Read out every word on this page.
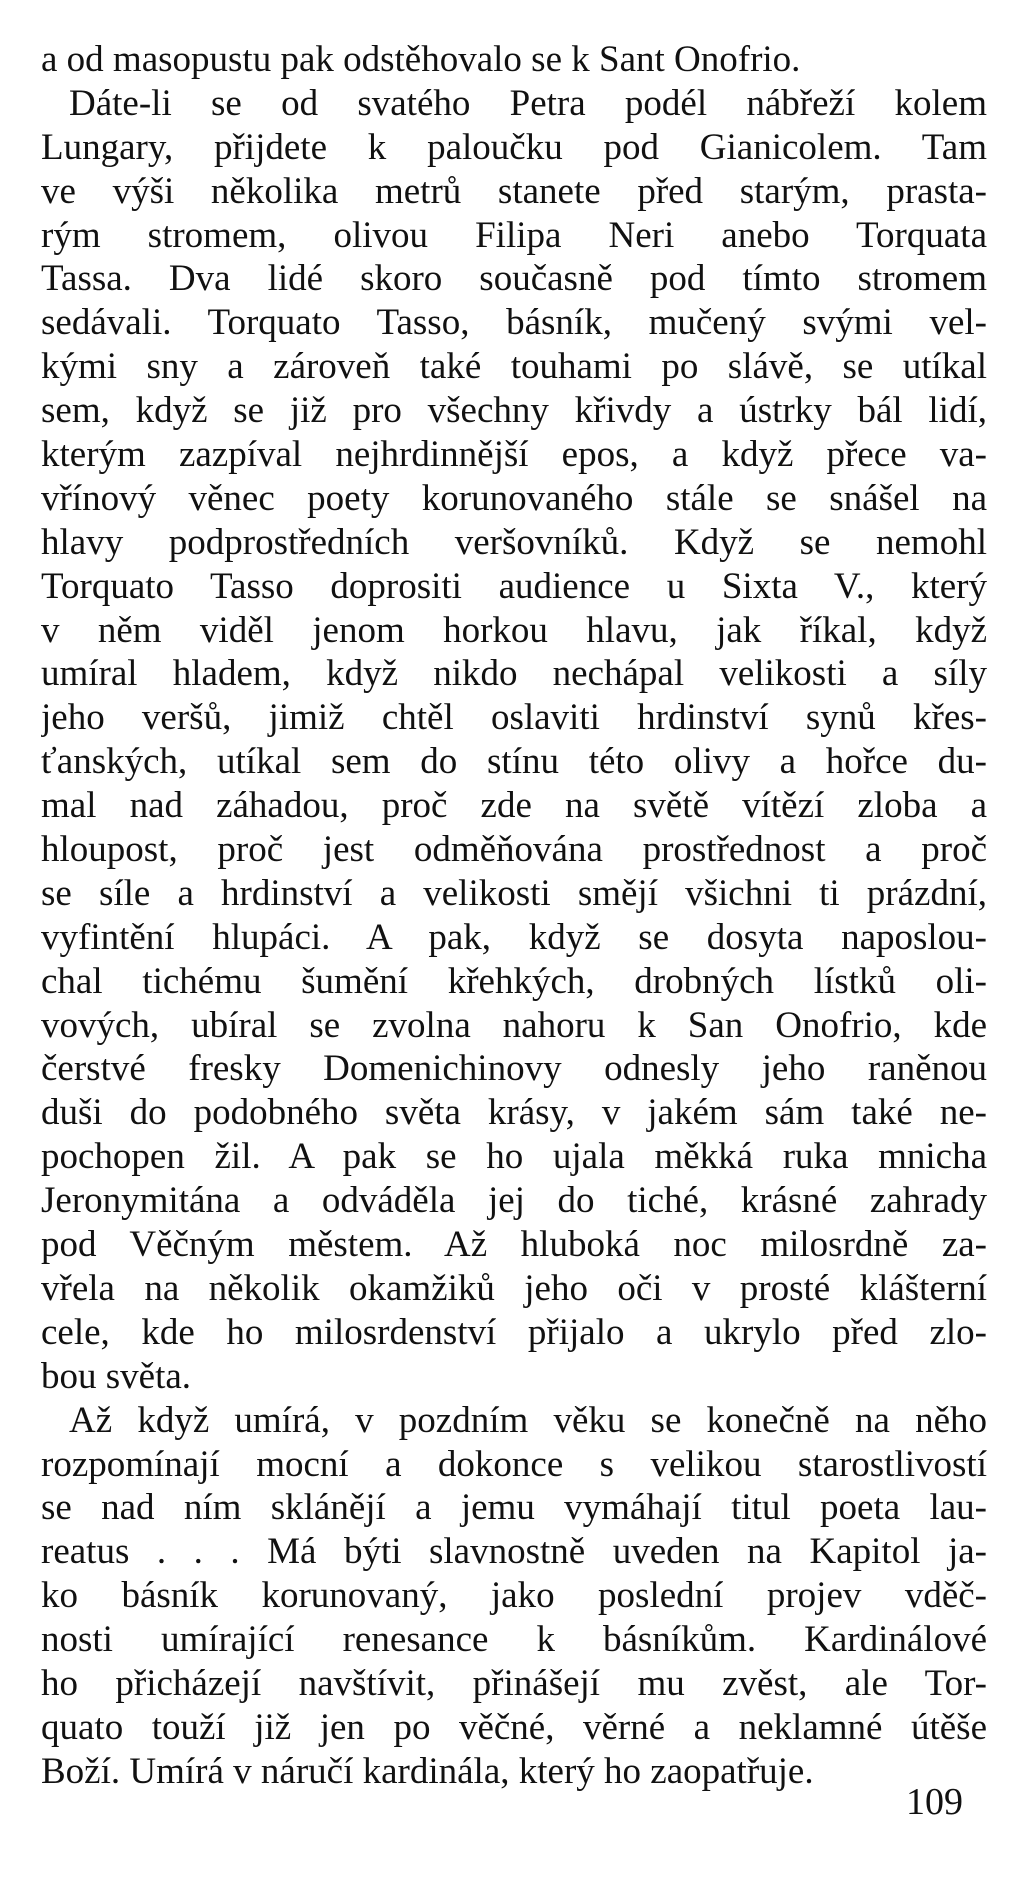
a od masopustu pak odstěhovalo se k Sant Onofrio.
Dáte-li se od svatého Petra podél nábřeží kolem
Lungary, přijdete k paloučku pod Gianicolem. Tam
ve výši několika metrů stanete před starým, prasta-
rým stromem, olivou Filipa Neri anebo Torquata
Tassa. Dva lidé skoro současně pod tímto stromem
sedávali. Torquato Tasso, básník, mučený svými vel-
kými sny a zároveň také touhami po slávě, se utíkal
sem, když se již pro všechny křivdy a ústrky bál lidí,
kterým zazpíval nejhrdinnější epos, a když přece va-
vřínový věnec poety korunovaného stále se snášel na
hlavy podprostředních veršovníků. Když se nemohl
Torquato Tasso doprositi audience u Sixta V., který
v něm viděl jenom horkou hlavu, jak říkal, když
umíral hladem, když nikdo nechápal velikosti a síly
jeho veršů, jimiž chtěl oslaviti hrdinství synů křes-
ťanských, utíkal sem do stínu této olivy a hořce du-
mal nad záhadou, proč zde na světě vítězí zloba a
hloupost, proč jest odměňována prostřednost a proč
se síle a hrdinství a velikosti smějí všichni ti prázdní,
vyfintění hlupáci. A pak, když se dosyta naposlou-
chal tichému šumění křehkých, drobných lístků oli-
vových, ubíral se zvolna nahoru k San Onofrio, kde
čerstvé fresky Domenichinovy odnesly jeho raněnou
duši do podobného světa krásy, v jakém sám také ne-
pochopen žil. A pak se ho ujala měkká ruka mnicha
Jeronymitána a odváděla jej do tiché, krásné zahrady
pod Věčným městem. Až hluboká noc milosrdně za-
vřela na několik okamžiků jeho oči v prosté klášterní
cele, kde ho milosrdenství přijalo a ukrylo před zlo-
bou světa.
Až když umírá, v pozdním věku se konečně na něho
rozpomínají mocní a dokonce s velikou starostlivostí
se nad ním sklánějí a jemu vymáhají titul poeta lau-
reatus . . . Má býti slavnostně uveden na Kapitol ja-
ko básník korunovaný, jako poslední projev vděč-
nosti umírající renesance k básníkům. Kardinálové
ho přicházejí navštívit, přinášejí mu zvěst, ale Tor-
quato touží již jen po věčné, věrné a neklamné útěše
Boží. Umírá v náručí kardinála, který ho zaopatřuje.
109
